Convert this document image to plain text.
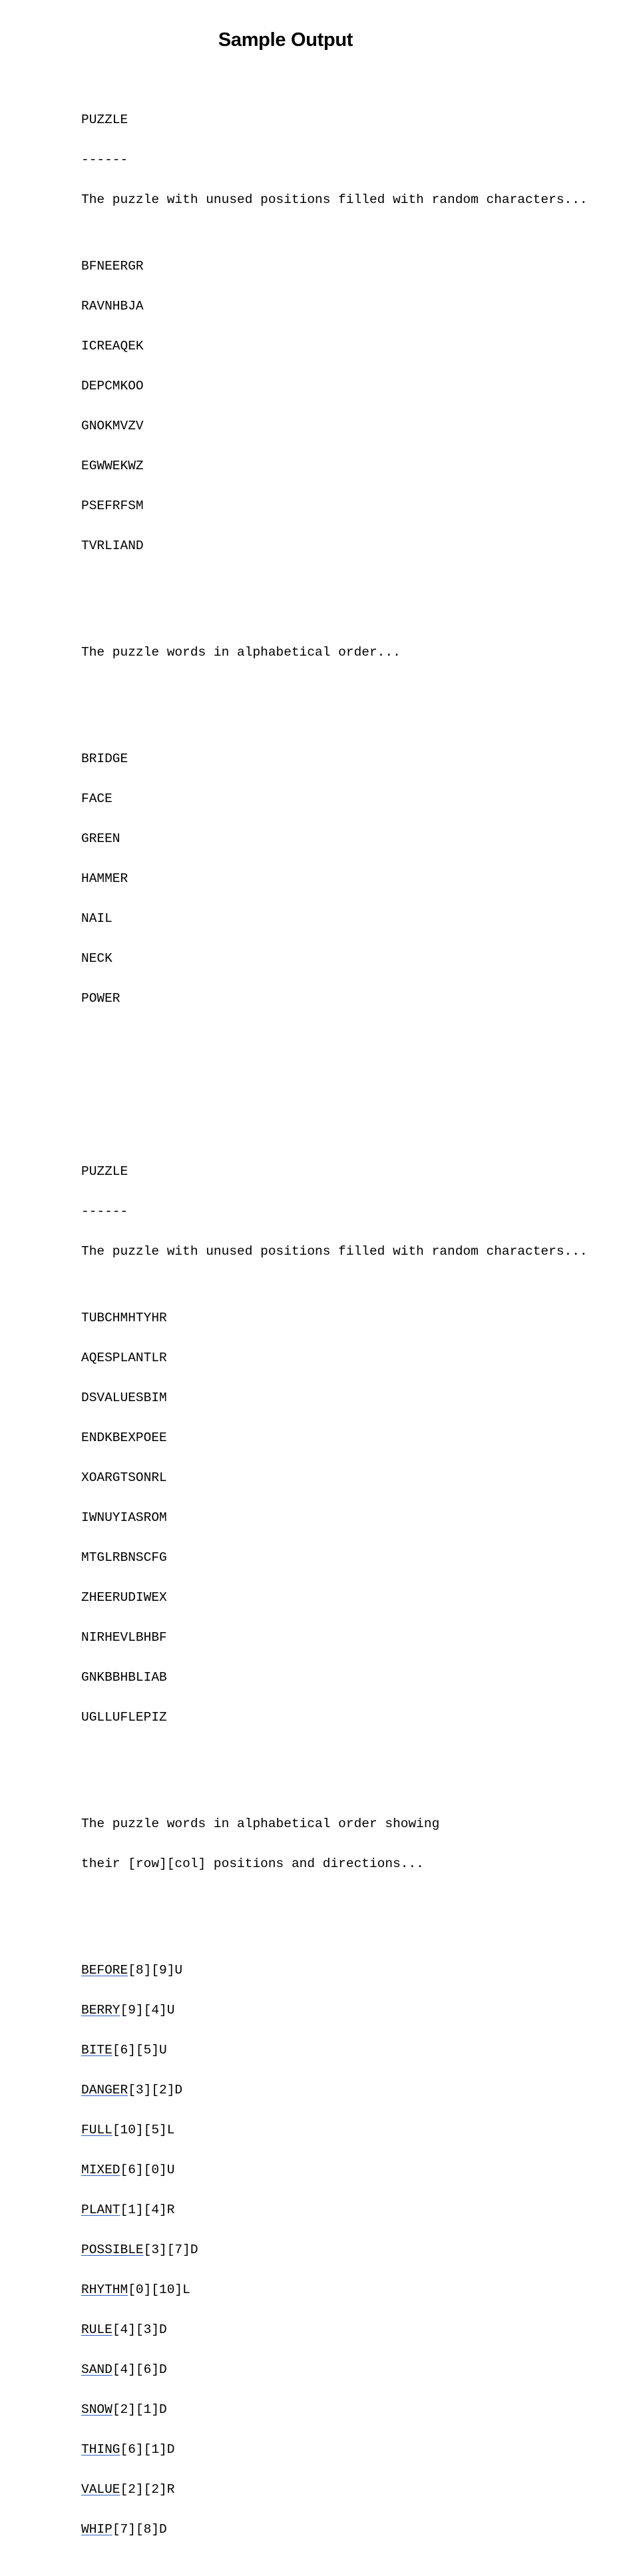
Sample Output

PUZZLE

------

The puzzle with unused positions filled with random characters...

BFNEERGR

RAVNHBJA

ICREAQEK

DEPCMKOO

GNOKMVZV

EGWWEKWZ

PSEFRFSM

TVRLIAND

The puzzle words in alphabetical order...

BRIDGE

FACE

GREEN

HAMMER

NAIL

NECK

POWER

PUZZLE

------

The puzzle with unused positions filled with random characters...

TUBCHMHTYHR

AQESPLANTLR

DSVALUESBIM

ENDKBEXPOEE

XOARGTSONRL

IWNUYIASROM

MTGLRBNSCFG

ZHEERUDIWEX

NIRHEVLBHBF

GNKBBHBLIAB

UGLLUFLEPIZ

The puzzle words in alphabetical order showing

their [row][col] positions and directions...

BEFORE[8][9]U

BERRY[9][4]U

BITE[6][5]U

DANGER[3][2]D

FULL[10][5]L

MIXED[6][0]U

PLANT[1][4]R

POSSIBLE[3][7]D

RHYTHM[0][10]L

RULE[4][3]D

SAND[4][6]D

SNOW[2][1]D

THING[6][1]D

VALUE[2][2]R

WHIP[7][8]D
